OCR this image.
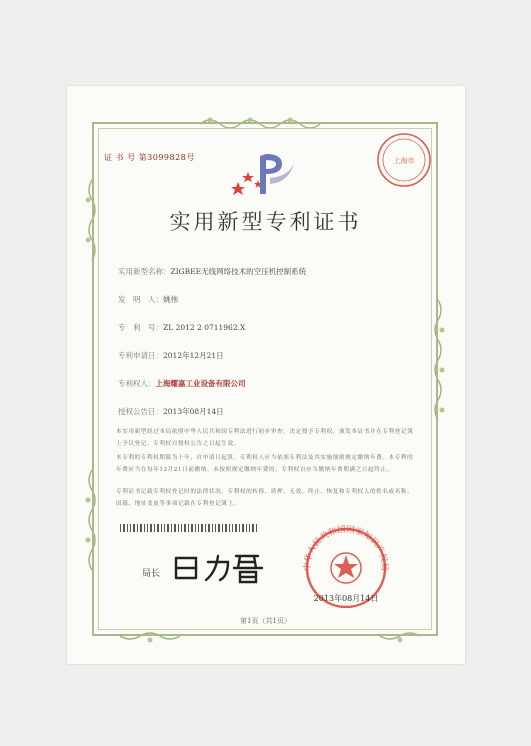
证 书 号 第3099828号
实用新型专利证书
实用新型名称：ZIGBEE无线网络技术的空压机控制系统
发　明　人：姚伟
专　利　号：ZL 2012 2 0711962.X
专利申请日：2012年12月21日
专利权人：上海耀嘉工业设备有限公司
授权公告日：2013年08月14日
本实用新型经过本局依照中华人民共和国专利法进行初步审查，决定授予专利权，颁发本证书并在专利登记簿上予以登记。专利权自授权公告之日起生效。
本专利的专利权期限为十年，自申请日起算。专利权人应当依照专利法及其实施细则规定缴纳年费。本专利的年费应当在每年12月21日前缴纳。未按照规定缴纳年费的，专利权自应当缴纳年费期满之日起终止。
专利证书记载专利权登记时的法律状况。专利权的转移、质押、无效、终止、恢复和专利权人的姓名或名称、国籍、地址变更等事项记载在专利登记簿上。
局长
中华人民共和国国家知识产权局
2013年08月14日
上海市
第1页（共1页）
